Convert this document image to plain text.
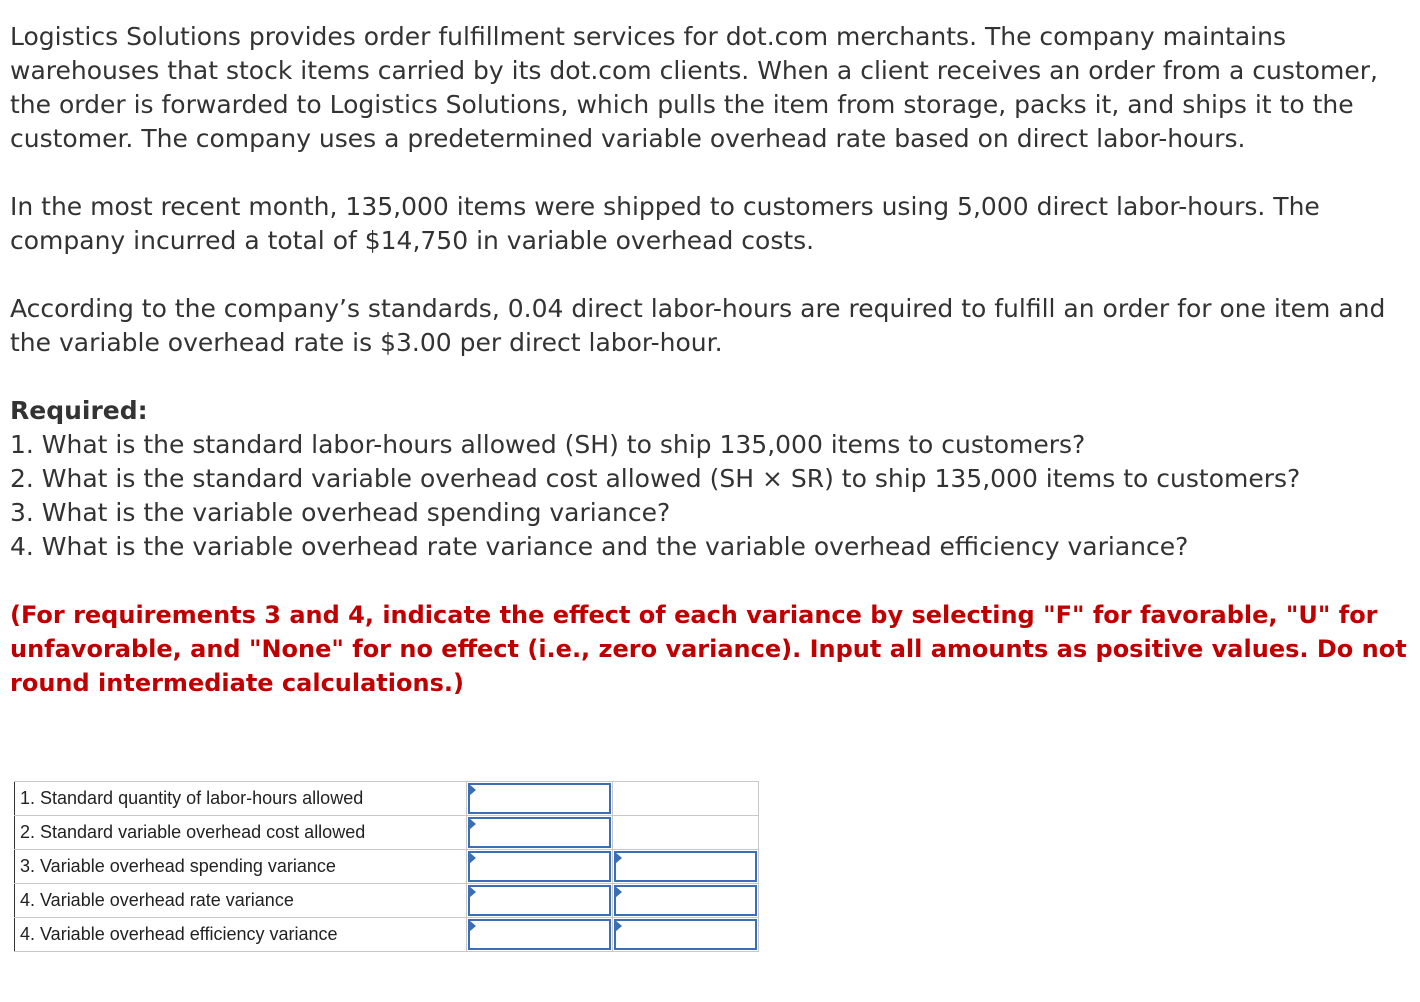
Logistics Solutions provides order fulfillment services for dot.com merchants. The company maintains warehouses that stock items carried by its dot.com clients. When a client receives an order from a customer, the order is forwarded to Logistics Solutions, which pulls the item from storage, packs it, and ships it to the customer. The company uses a predetermined variable overhead rate based on direct labor-hours.

In the most recent month, 135,000 items were shipped to customers using 5,000 direct labor-hours. The company incurred a total of $14,750 in variable overhead costs.

According to the company’s standards, 0.04 direct labor-hours are required to fulfill an order for one item and the variable overhead rate is $3.00 per direct labor-hour.

Required:
1. What is the standard labor-hours allowed (SH) to ship 135,000 items to customers?
2. What is the standard variable overhead cost allowed (SH × SR) to ship 135,000 items to customers?
3. What is the variable overhead spending variance?
4. What is the variable overhead rate variance and the variable overhead efficiency variance?
(For requirements 3 and 4, indicate the effect of each variance by selecting "F" for favorable, "U" for unfavorable, and "None" for no effect (i.e., zero variance). Input all amounts as positive values. Do not round intermediate calculations.)
1. Standard quantity of labor-hours allowed	

2. Standard variable overhead cost allowed	

3. Variable overhead spending variance	

4. Variable overhead rate variance	

4. Variable overhead efficiency variance	
